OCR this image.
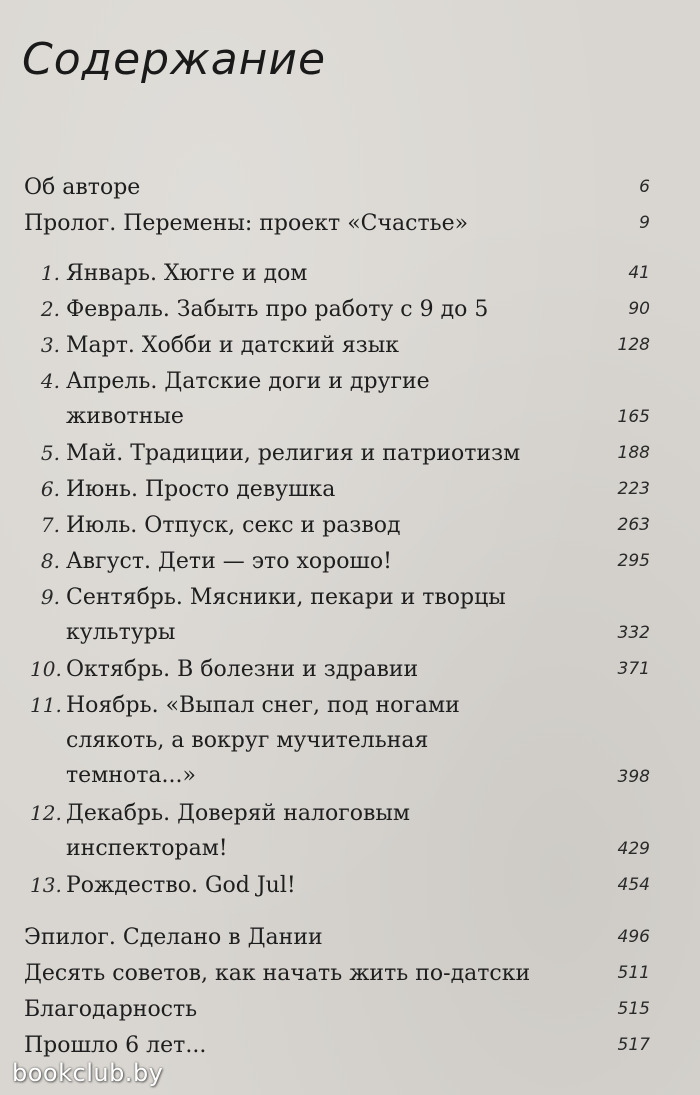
Содержание
Об авторе	6
Пролог. Перемены: проект «Счастье»	9
1. Январь. Хюгге и дом	41
2. Февраль. Забыть про работу с 9 до 5	90
3. Март. Хобби и датский язык	128
4. Апрель. Датские доги и другие
животные	165
5. Май. Традиции, религия и патриотизм	188
6. Июнь. Просто девушка	223
7. Июль. Отпуск, секс и развод	263
8. Август. Дети — это хорошо!	295
9. Сентябрь. Мясники, пекари и творцы
культуры	332
10. Октябрь. В болезни и здравии	371
11. Ноябрь. «Выпал снег, под ногами
слякоть, а вокруг мучительная
темнота...»	398
12. Декабрь. Доверяй налоговым
инспекторам!	429
13. Рождество. God Jul!	454
Эпилог. Сделано в Дании	496
Десять советов, как начать жить по-датски	511
Благодарность	515
Прошло 6 лет...	517
bookclub.by
